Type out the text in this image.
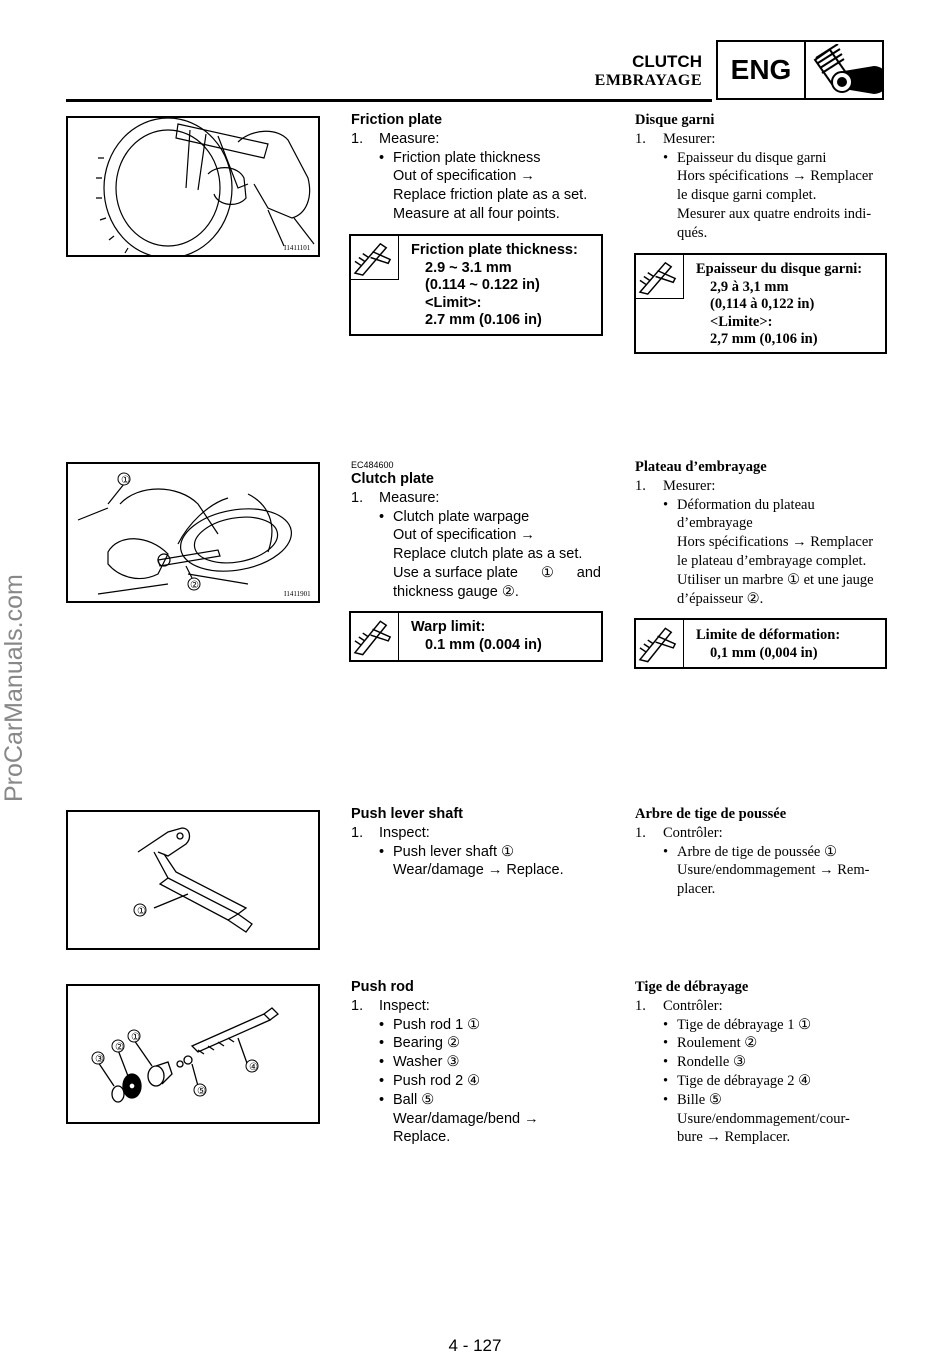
CLUTCH
EMBRAYAGE	ENG
ProCarManuals.com
I1411101
Friction plate
1.	Measure:
• Friction plate thickness
Out of specification →
Replace friction plate as a set.
Measure at all four points.
Friction plate thickness:
2.9 ~ 3.1 mm
(0.114 ~ 0.122 in)
<Limit>:
2.7 mm (0.106 in)
Disque garni
1.	Mesurer:
• Epaisseur du disque garni
Hors spécifications → Remplacer
le disque garni complet.
Mesurer aux quatre endroits indi-
qués.
Epaisseur du disque garni:
2,9 à 3,1 mm
(0,114 à 0,122 in)
<Limite>:
2,7 mm (0,106 in)
①
②
I1411901
EC484600
Clutch plate
1.	Measure:
• Clutch plate warpage
Out of specification →
Replace clutch plate as a set.
Use a surface plate ① and
thickness gauge ②.
Warp limit:
0.1 mm (0.004 in)
Plateau d’embrayage
1.	Mesurer:
• Déformation du plateau
d’embrayage
Hors spécifications → Remplacer
le plateau d’embrayage complet.
Utiliser un marbre ① et une jauge
d’épaisseur ②.
Limite de déformation:
0,1 mm (0,004 in)
①
Push lever shaft
1.	Inspect:
• Push lever shaft
①
Wear/damage → Replace.
Arbre de tige de poussée
1.	Contrôler:
• Arbre de tige de poussée
①
Usure/endommagement → Rem-
placer.
①
②
③
④
⑤
Push rod
1.	Inspect:
• Push rod 1
①
• Bearing
②
• Washer
③
• Push rod 2
④
• Ball
⑤
Wear/damage/bend →
Replace.
Tige de débrayage
1.	Contrôler:
• Tige de débrayage 1
①
• Roulement
②
• Rondelle
③
• Tige de débrayage 2
④
• Bille
⑤
Usure/endommagement/cour-
bure → Remplacer.
4 - 127
